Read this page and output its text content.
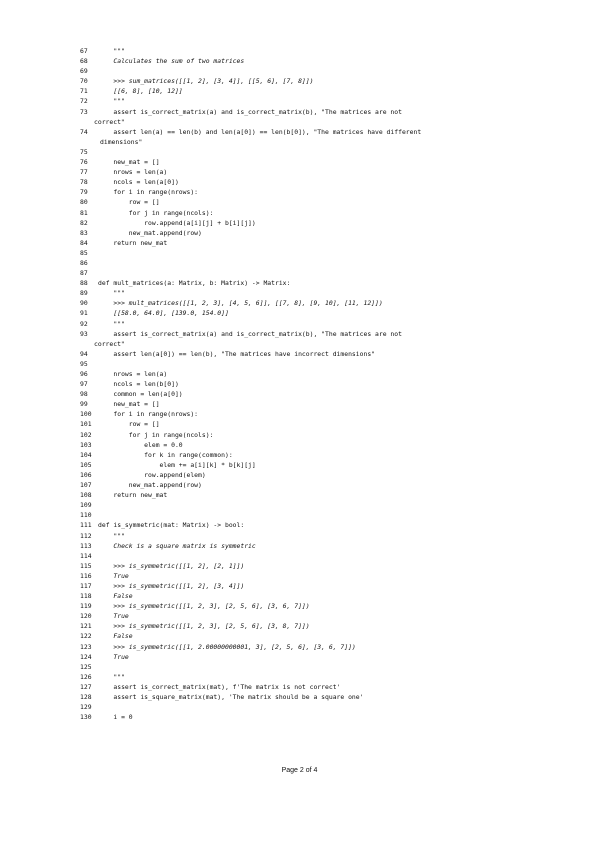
67 """
68 Calculates the sum of two matrices
69
70 >>> sum_matrices([[1, 2], [3, 4]], [[5, 6], [7, 8]])
71 [[6, 8], [10, 12]]
72 """
73 assert is_correct_matrix(a) and is_correct_matrix(b), "The matrices are not
correct"
74 assert len(a) == len(b) and len(a[0]) == len(b[0]), "The matrices have different
dimensions"
75
76 new_mat = []
77 nrows = len(a)
78 ncols = len(a[0])
79 for i in range(nrows):
80 row = []
81 for j in range(ncols):
82 row.append(a[i][j] + b[i][j])
83 new_mat.append(row)
84 return new_mat
85
86
87
88 def mult_matrices(a: Matrix, b: Matrix) -> Matrix:
89 """
90 >>> mult_matrices([[1, 2, 3], [4, 5, 6]], [[7, 8], [9, 10], [11, 12]])
91 [[58.0, 64.0], [139.0, 154.0]]
92 """
93 assert is_correct_matrix(a) and is_correct_matrix(b), "The matrices are not
correct"
94 assert len(a[0]) == len(b), "The matrices have incorrect dimensions"
95
96 nrows = len(a)
97 ncols = len(b[0])
98 common = len(a[0])
99 new_mat = []
100 for i in range(nrows):
101 row = []
102 for j in range(ncols):
103 elem = 0.0
104 for k in range(common):
105 elem += a[i][k] * b[k][j]
106 row.append(elem)
107 new_mat.append(row)
108 return new_mat
109
110
111 def is_symmetric(mat: Matrix) -> bool:
112 """
113 Check is a square matrix is symmetric
114
115 >>> is_symmetric([[1, 2], [2, 1]])
116 True
117 >>> is_symmetric([[1, 2], [3, 4]])
118 False
119 >>> is_symmetric([[1, 2, 3], [2, 5, 6], [3, 6, 7]])
120 True
121 >>> is_symmetric([[1, 2, 3], [2, 5, 6], [3, 8, 7]])
122 False
123 >>> is_symmetric([[1, 2.00000000001, 3], [2, 5, 6], [3, 6, 7]])
124 True
125
126 """
127 assert is_correct_matrix(mat), f'The matrix is not correct'
128 assert is_square_matrix(mat), 'The matrix should be a square one'
129
130 i = 0
Page 2 of 4
